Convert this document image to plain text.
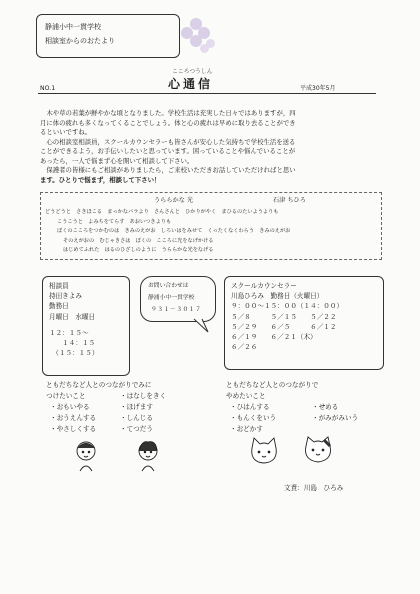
静浦小中一貫学校
相談室からのおたより
こころつうしん
心通信
NO.1	平成30年5月
　木や草の若葉が鮮やかな頃となりました。学校生活は充実した日々ではありますが，四
月に体の疲れも多くなってくることでしょう。体と心の疲れは早めに取り去ることができ
るといいですね。
　心の相談室相談員，スクールカウンセラーも皆さんが安心した気持ちで学校生活を送る
ことができるよう，お手伝いしたいと思っています。困っていることや悩んでいることが
あったら，一人で悩まず心を開いて相談して下さい。
　保護者の皆様にもご相談がありましたら，ご来校いただきお話していただければと思い
ます。ひとりで悩まず，相談して下さい！
うららかな 光	石津 ちひろ
どうどうと　さきほこる　まっかなバラより　さんさんと　ひかりがやく　まひるのたいようよりも
こうこうと　よみちをてらす　あおいつきよりも
ぼくのこころをつかむのは　きみのえがお　しろいはをみせて　くったくなくわらう　きみのえがお
そのえがおの　むじゃきさは　ぼくの　こころに光をなげかける
はじめてふれた　はるのひざしのように　うららかな光をなげる
相談員
持田きよみ
勤務日
月曜日　水曜日
１２：１５～
　　１４：１５
　（１５：１５）
お問い合わせは
静浦小中一貫学校
９３１－３０１７
スクールカウンセラー
川島ひろみ　勤務日（火曜日）
９：００～１５：００（１４：００）
５／８　　　５／１５　　５／２２
５／２９　　６／５　　　６／１２
６／１９　　６／２１（木）
６／２６
ともだちなど人とのつながりでみに
つけたいこと
・おもいやる
・はなしをきく
・おうえんする
・ほげます
・やさしくする
・しんじる
・てつだう
ともだちなど人とのつながりで
やめたいこと
・ひはんする	・せめる
・もんくをいう	・がみがみいう
・おどかす
文責：川島　ひろみ
